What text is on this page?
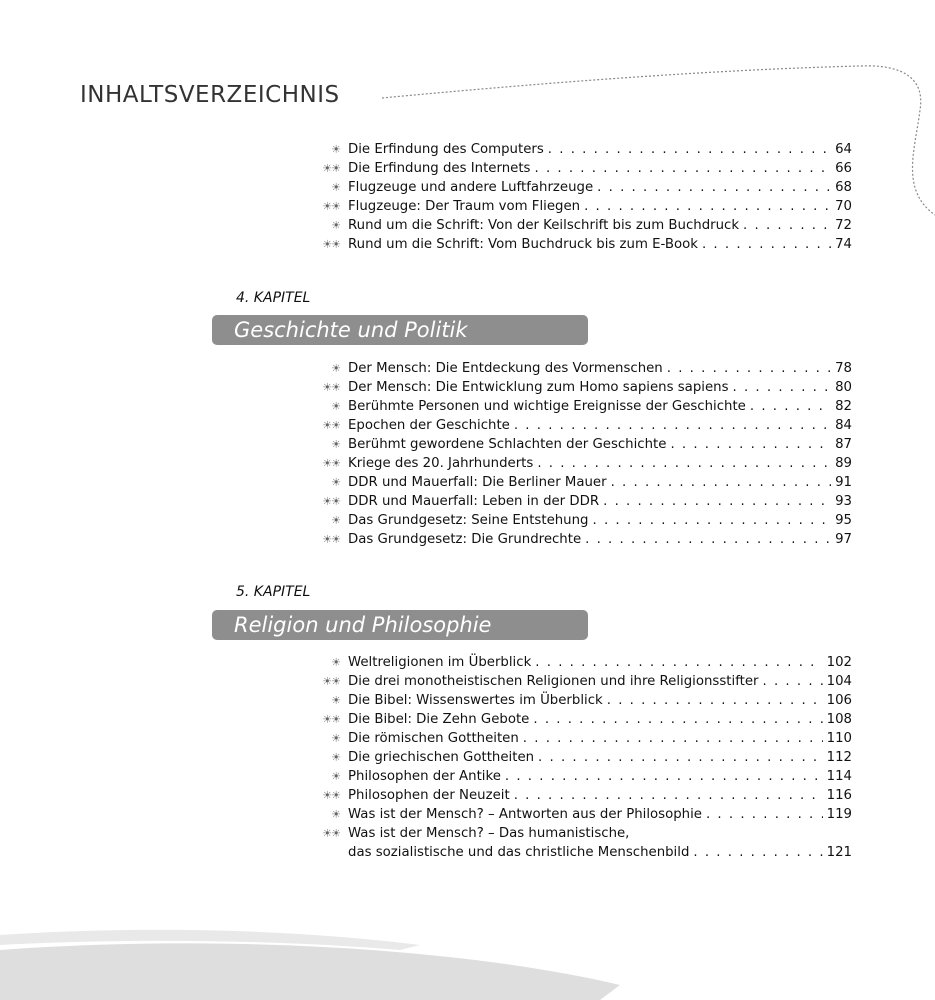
INHALTSVERZEICHNIS
☀ Die Erfindung des Computers . . .	64
☀☀ Die Erfindung des Internets . . .	66
☀ Flugzeuge und andere Luftfahrzeuge . . .	68
☀☀ Flugzeuge: Der Traum vom Fliegen . . .	70
☀ Rund um die Schrift: Von der Keilschrift bis zum Buchdruck . . .	72
☀☀ Rund um die Schrift: Vom Buchdruck bis zum E-Book . . .	74
4. KAPITEL
Geschichte und Politik
☀ Der Mensch: Die Entdeckung des Vormenschen . . .	78
☀☀ Der Mensch: Die Entwicklung zum Homo sapiens sapiens . . .	80
☀ Berühmte Personen und wichtige Ereignisse der Geschichte . . .	82
☀☀ Epochen der Geschichte . . .	84
☀ Berühmt gewordene Schlachten der Geschichte . . .	87
☀☀ Kriege des 20. Jahrhunderts . . .	89
☀ DDR und Mauerfall: Die Berliner Mauer . . .	91
☀☀ DDR und Mauerfall: Leben in der DDR . . .	93
☀ Das Grundgesetz: Seine Entstehung . . .	95
☀☀ Das Grundgesetz: Die Grundrechte . . .	97
5. KAPITEL
Religion und Philosophie
☀ Weltreligionen im Überblick . . .	102
☀☀ Die drei monotheistischen Religionen und ihre Religionsstifter . . .	104
☀ Die Bibel: Wissenswertes im Überblick . . .	106
☀☀ Die Bibel: Die Zehn Gebote . . .	108
☀ Die römischen Gottheiten . . .	110
☀ Die griechischen Gottheiten . . .	112
☀ Philosophen der Antike . . .	114
☀☀ Philosophen der Neuzeit . . .	116
☀ Was ist der Mensch? – Antworten aus der Philosophie . . .	119
☀☀ Was ist der Mensch? – Das humanistische,
das sozialistische und das christliche Menschenbild . . .	121
